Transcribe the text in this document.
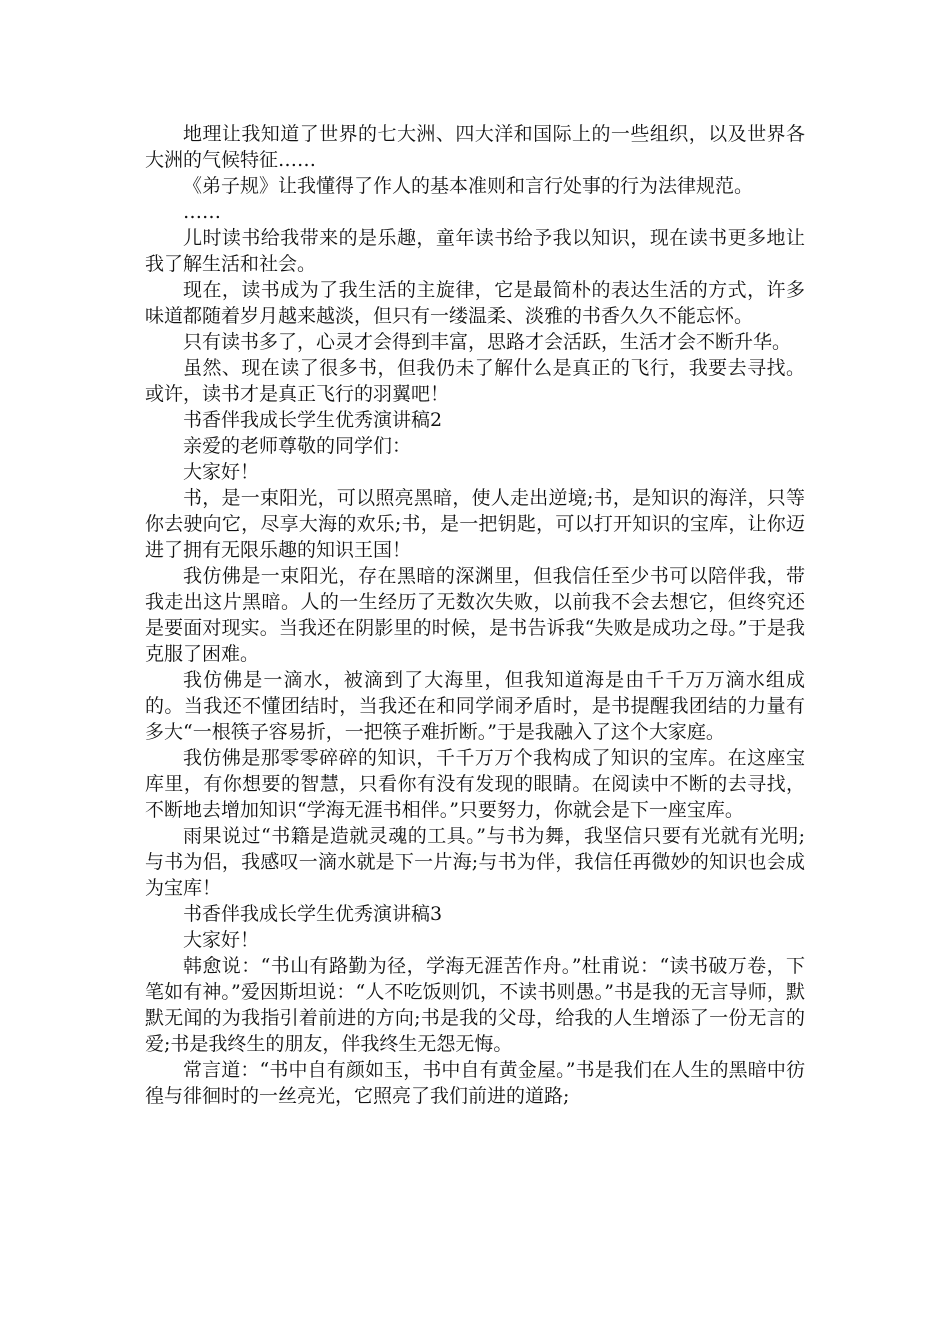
地理让我知道了世界的七大洲、四大洋和国际上的一些组织，以及世界各大洲的气候特征……

《弟子规》让我懂得了作人的基本准则和言行处事的行为法律规范。

……

儿时读书给我带来的是乐趣，童年读书给予我以知识，现在读书更多地让我了解生活和社会。

现在，读书成为了我生活的主旋律，它是最简朴的表达生活的方式，许多味道都随着岁月越来越淡，但只有一缕温柔、淡雅的书香久久不能忘怀。

只有读书多了，心灵才会得到丰富，思路才会活跃，生活才会不断升华。

虽然、现在读了很多书，但我仍未了解什么是真正的飞行，我要去寻找。或许，读书才是真正飞行的羽翼吧！

书香伴我成长学生优秀演讲稿2

亲爱的老师尊敬的同学们：

大家好！

书，是一束阳光，可以照亮黑暗，使人走出逆境;书，是知识的海洋，只等你去驶向它，尽享大海的欢乐;书，是一把钥匙，可以打开知识的宝库，让你迈进了拥有无限乐趣的知识王国！

我仿佛是一束阳光，存在黑暗的深渊里，但我信任至少书可以陪伴我，带我走出这片黑暗。人的一生经历了无数次失败，以前我不会去想它，但终究还是要面对现实。当我还在阴影里的时候，是书告诉我“失败是成功之母。”于是我克服了困难。

我仿佛是一滴水，被滴到了大海里，但我知道海是由千千万万滴水组成的。当我还不懂团结时，当我还在和同学闹矛盾时，是书提醒我团结的力量有多大“一根筷子容易折，一把筷子难折断。”于是我融入了这个大家庭。

我仿佛是那零零碎碎的知识，千千万万个我构成了知识的宝库。在这座宝库里，有你想要的智慧，只看你有没有发现的眼睛。在阅读中不断的去寻找，不断地去增加知识“学海无涯书相伴。”只要努力，你就会是下一座宝库。

雨果说过“书籍是造就灵魂的工具。”与书为舞，我坚信只要有光就有光明;与书为侣，我感叹一滴水就是下一片海;与书为伴，我信任再微妙的知识也会成为宝库！

书香伴我成长学生优秀演讲稿3

大家好！

韩愈说：“书山有路勤为径，学海无涯苦作舟。”杜甫说：“读书破万卷，下笔如有神。”爱因斯坦说：“人不吃饭则饥，不读书则愚。”书是我的无言导师，默默无闻的为我指引着前进的方向;书是我的父母，给我的人生增添了一份无言的爱;书是我终生的朋友，伴我终生无怨无悔。

常言道：“书中自有颜如玉，书中自有黄金屋。”书是我们在人生的黑暗中彷徨与徘徊时的一丝亮光，它照亮了我们前进的道路;
